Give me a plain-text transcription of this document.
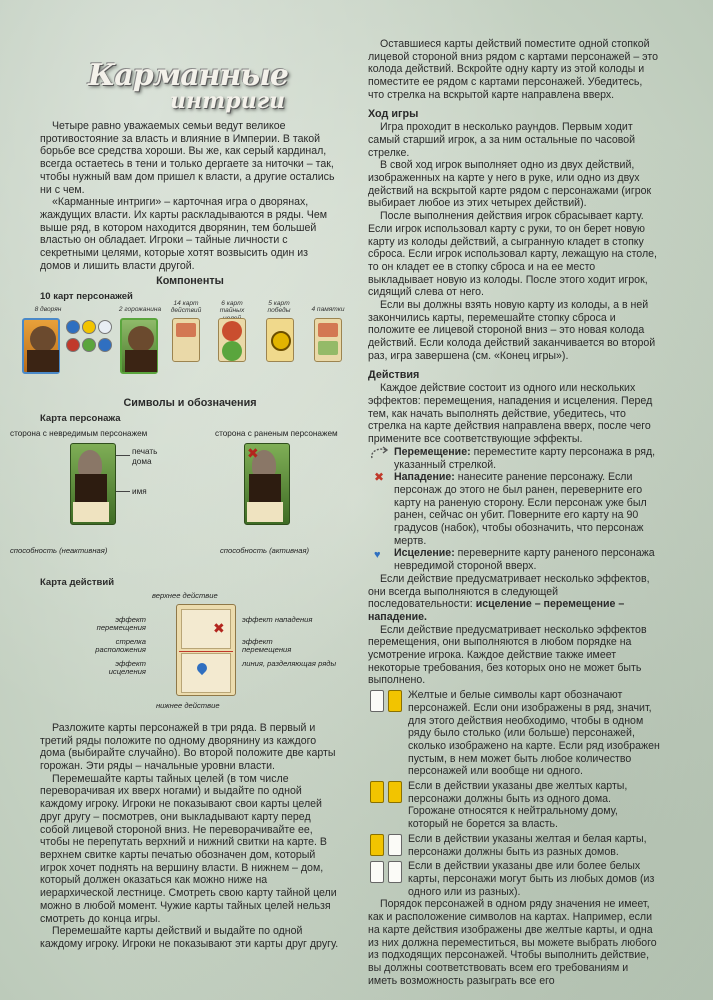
Карманные
интриги

Четыре равно уважаемых семьи ведут великое противостояние за власть и влияние в Империи. В такой борьбе все средства хороши. Вы же, как серый кардинал, всегда остаетесь в тени и только дергаете за ниточки – так, чтобы нужный вам дом пришел к власти, а другие остались ни с чем.

«Карманные интриги» – карточная игра о дворянах, жаждущих власти. Их карты раскладываются в ряды. Чем выше ряд, в котором находится дворянин, тем большей властью он обладает. Игроки – тайные личности с секретными целями, которые хотят возвысить один из домов и лишить власти другой.

Компоненты
10 карт персонажей
8 дворян	2 горожанина
14 карт действий
6 карт тайных
5 карт победы	4 памятки
Символы и обозначения
Карта персонажа
сторона с невредимым персонажем	сторона с раненым персонажем
✖
печать дома
имя
способность (неактивная)	способность (активная)
Карта действий
верхнее действие
✖
эффект перемещения
стрелка расположения
эффект исцеления
эффект нападения
эффект перемещения
линия, разделяющая ряды
нижнее действие

Разложите карты персонажей в три ряда. В первый и третий ряды положите по одному дворянину из каждого дома (выбирайте случайно). Во второй положите две карты горожан. Эти ряды – начальные уровни власти.

Перемешайте карты тайных целей (в том числе переворачивая их вверх ногами) и выдайте по одной каждому игроку. Игроки не показывают свои карты целей друг другу – посмотрев, они выкладывают карту перед собой лицевой стороной вниз. Не переворачивайте ее, чтобы не перепутать верхний и нижний свитки на карте. В верхнем свитке карты печатью обозначен дом, который игрок хочет поднять на вершину власти. В нижнем – дом, который должен оказаться как можно ниже на иерархической лестнице. Смотреть свою карту тайной цели можно в любой момент. Чужие карты тайных целей нельзя смотреть до конца игры.

Перемешайте карты действий и выдайте по одной каждому игроку. Игроки не показывают эти карты друг другу.

Оставшиеся карты действий поместите одной стопкой лицевой стороной вниз рядом с картами персонажей – это колода действий. Вскройте одну карту из этой колоды и поместите ее рядом с картами персонажей. Убедитесь, что стрелка на вскрытой карте направлена вверх.

Ход игры

Игра проходит в несколько раундов. Первым ходит самый старший игрок, а за ним остальные по часовой стрелке.

В свой ход игрок выполняет одно из двух действий, изображенных на карте у него в руке, или одно из двух действий на вскрытой карте рядом с персонажами (игрок выбирает любое из этих четырех действий).

После выполнения действия игрок сбрасывает карту. Если игрок использовал карту с руки, то он берет новую карту из колоды действий, а сыгранную кладет в стопку сброса. Если игрок использовал карту, лежащую на столе, то он кладет ее в стопку сброса и на ее место выкладывает новую из колоды. После этого ходит игрок, сидящий слева от него.

Если вы должны взять новую карту из колоды, а в ней закончились карты, перемешайте стопку сброса и положите ее лицевой стороной вниз – это новая колода действий. Если колода действий заканчивается во второй раз, игра завершена (см. «Конец игры»).

Действия

Каждое действие состоит из одного или нескольких эффектов: перемещения, нападения и исцеления. Перед тем, как начать выполнять действие, убедитесь, что стрелка на карте действия направлена вверх, после чего примените все соответствующие эффекты.

Перемещение: переместите карту персонажа в ряд, указанный стрелкой.
✖ Нападение: нанесите ранение персонажу. Если персонаж до этого не был ранен, переверните его карту на раненую сторону. Если персонаж уже был ранен, сейчас он убит. Поверните его карту на 90 градусов (набок), чтобы обозначить, что персонаж мертв.
♥ Исцеление: переверните карту раненого персонажа невредимой стороной вверх.

Если действие предусматривает несколько эффектов, они всегда выполняются в следующей последовательности: исцеление – перемещение – нападение.

Если действие предусматривает несколько эффектов перемещения, они выполняются в любом порядке на усмотрение игрока. Каждое действие также имеет некоторые требования, без которых оно не может быть выполнено.

Желтые и белые символы карт обозначают персонажей. Если они изображены в ряд, значит, для этого действия необходимо, чтобы в одном ряду было столько (или больше) персонажей, сколько изображено на карте. Если ряд изображен пустым, в нем может быть любое количество персонажей или вообще ни одного.
Если в действии указаны две желтых карты, персонажи должны быть из одного дома. Горожане относятся к нейтральному дому, который не борется за власть.
Если в действии указаны желтая и белая карты, персонажи должны быть из разных домов.
Если в действии указаны две или более белых карты, персонажи могут быть из любых домов (из одного или из разных).

Порядок персонажей в одном ряду значения не имеет, как и расположение символов на картах. Например, если на карте действия изображены две желтые карты, и одна из них должна переместиться, вы можете выбрать любого из подходящих персонажей. Чтобы выполнить действие, вы должны соответствовать всем его требованиям и иметь возможность разыграть все его
